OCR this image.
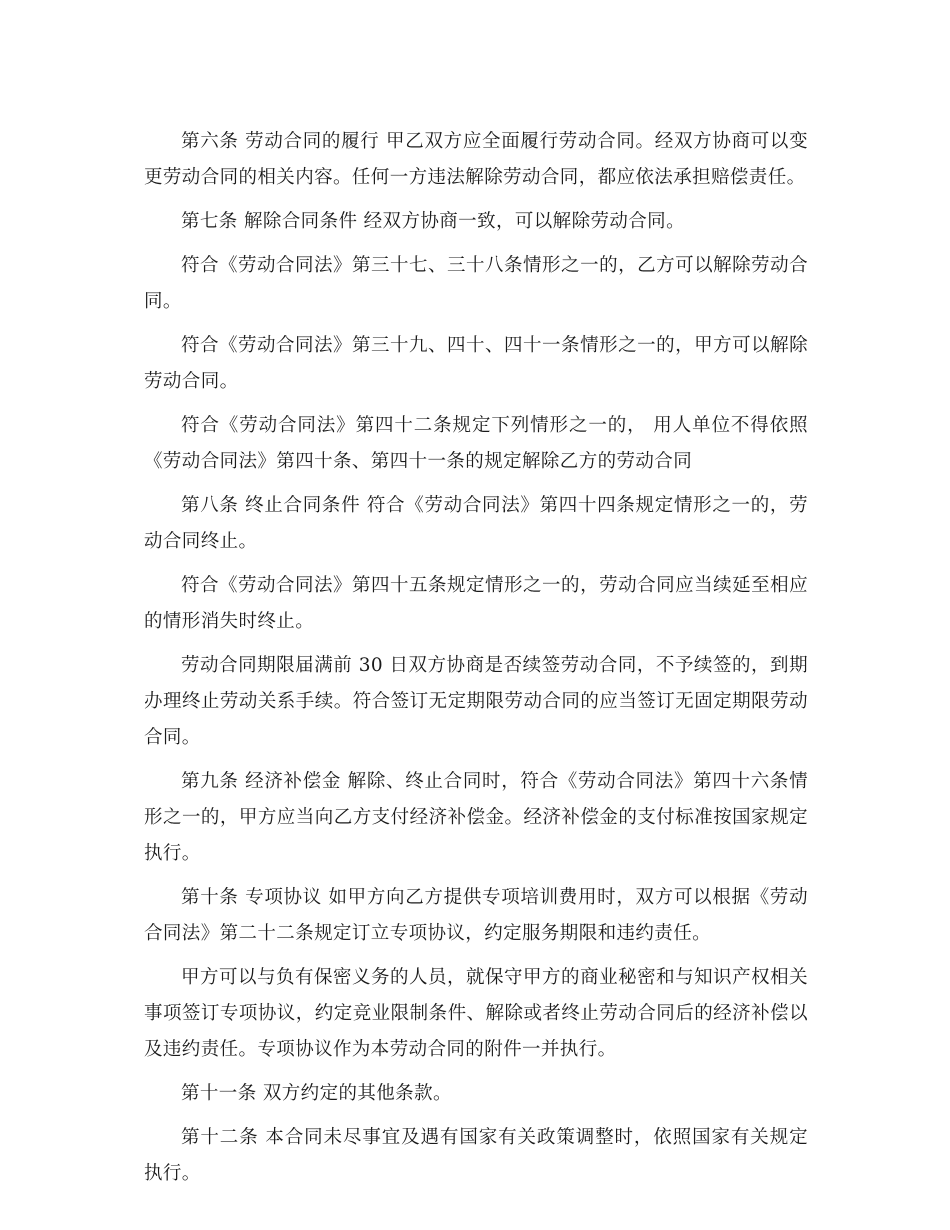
第六条 劳动合同的履行 甲乙双方应全面履行劳动合同。经双方协商可以变更劳动合同的相关内容。任何一方违法解除劳动合同，都应依法承担赔偿责任。

第七条 解除合同条件 经双方协商一致，可以解除劳动合同。

符合《劳动合同法》第三十七、三十八条情形之一的，乙方可以解除劳动合同。

符合《劳动合同法》第三十九、四十、四十一条情形之一的，甲方可以解除劳动合同。

符合《劳动合同法》第四十二条规定下列情形之一的， 用人单位不得依照《劳动合同法》第四十条、第四十一条的规定解除乙方的劳动合同

第八条 终止合同条件 符合《劳动合同法》第四十四条规定情形之一的，劳动合同终止。

符合《劳动合同法》第四十五条规定情形之一的，劳动合同应当续延至相应的情形消失时终止。

劳动合同期限届满前 30 日双方协商是否续签劳动合同，不予续签的，到期办理终止劳动关系手续。符合签订无定期限劳动合同的应当签订无固定期限劳动合同。

第九条 经济补偿金 解除、终止合同时，符合《劳动合同法》第四十六条情形之一的，甲方应当向乙方支付经济补偿金。经济补偿金的支付标准按国家规定执行。

第十条 专项协议 如甲方向乙方提供专项培训费用时，双方可以根据《劳动合同法》第二十二条规定订立专项协议，约定服务期限和违约责任。

甲方可以与负有保密义务的人员，就保守甲方的商业秘密和与知识产权相关事项签订专项协议，约定竞业限制条件、解除或者终止劳动合同后的经济补偿以及违约责任。专项协议作为本劳动合同的附件一并执行。

第十一条 双方约定的其他条款。

第十二条 本合同未尽事宜及遇有国家有关政策调整时，依照国家有关规定执行。
